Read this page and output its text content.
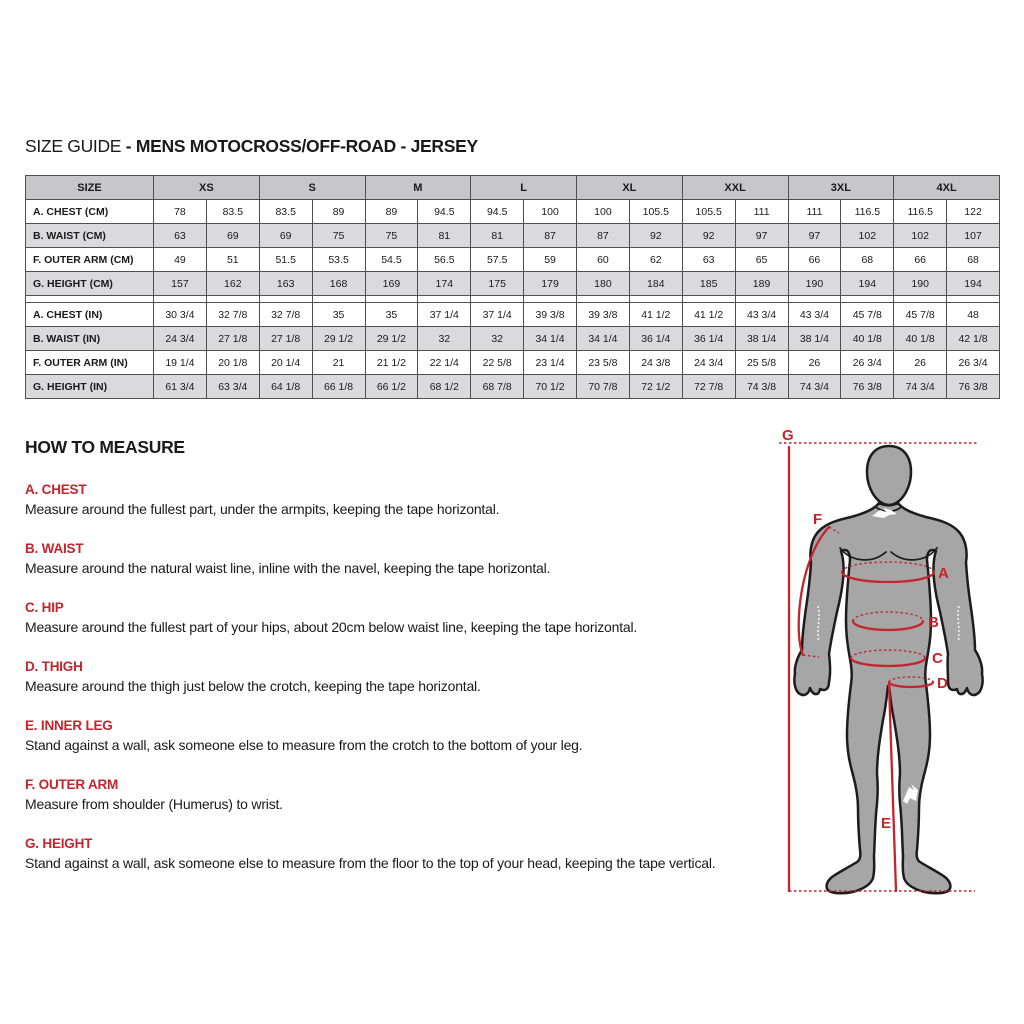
SIZE GUIDE - MENS MOTOCROSS/OFF-ROAD - JERSEY
SIZE	XS		S		M		L		XL		XXL		3XL		4XL	
A. CHEST (CM)	78	83.5	83.5	89	89	94.5	94.5	100	100	105.5	105.5	111	111	116.5	116.5	122
B. WAIST (CM)	63	69	69	75	75	81	81	87	87	92	92	97	97	102	102	107
F. OUTER ARM (CM)	49	51	51.5	53.5	54.5	56.5	57.5	59	60	62	63	65	66	68	66	68
G. HEIGHT (CM)	157	162	163	168	169	174	175	179	180	184	185	189	190	194	190	194

A. CHEST (IN)	30 3/4	32 7/8	32 7/8	35	35	37 1/4	37 1/4	39 3/8	39 3/8	41 1/2	41 1/2	43 3/4	43 3/4	45 7/8	45 7/8	48
B. WAIST (IN)	24 3/4	27 1/8	27 1/8	29 1/2	29 1/2	32	32	34 1/4	34 1/4	36 1/4	36 1/4	38 1/4	38 1/4	40 1/8	40 1/8	42 1/8
F. OUTER ARM (IN)	19 1/4	20 1/8	20 1/4	21	21 1/2	22 1/4	22 5/8	23 1/4	23 5/8	24 3/8	24 3/4	25 5/8	26	26 3/4	26	26 3/4
G. HEIGHT (IN)	61 3/4	63 3/4	64 1/8	66 1/8	66 1/2	68 1/2	68 7/8	70 1/2	70 7/8	72 1/2	72 7/8	74 3/8	74 3/4	76 3/8	74 3/4	76 3/8
HOW TO MEASURE
A. CHEST

Measure around the fullest part, under the armpits, keeping the tape horizontal.

B. WAIST

Measure around the natural waist line, inline with the navel, keeping the tape horizontal.

C. HIP

Measure around the fullest part of your hips, about 20cm below waist line, keeping the tape horizontal.

D. THIGH

Measure around the thigh just below the crotch, keeping the tape horizontal.

E. INNER LEG

Stand against a wall, ask someone else to measure from the crotch to the bottom of your leg.

F. OUTER ARM

Measure from shoulder (Humerus) to wrist.

G. HEIGHT

Stand against a wall, ask someone else to measure from the floor to the top of your head, keeping the tape vertical.

A
B
C
D
E
F
G
